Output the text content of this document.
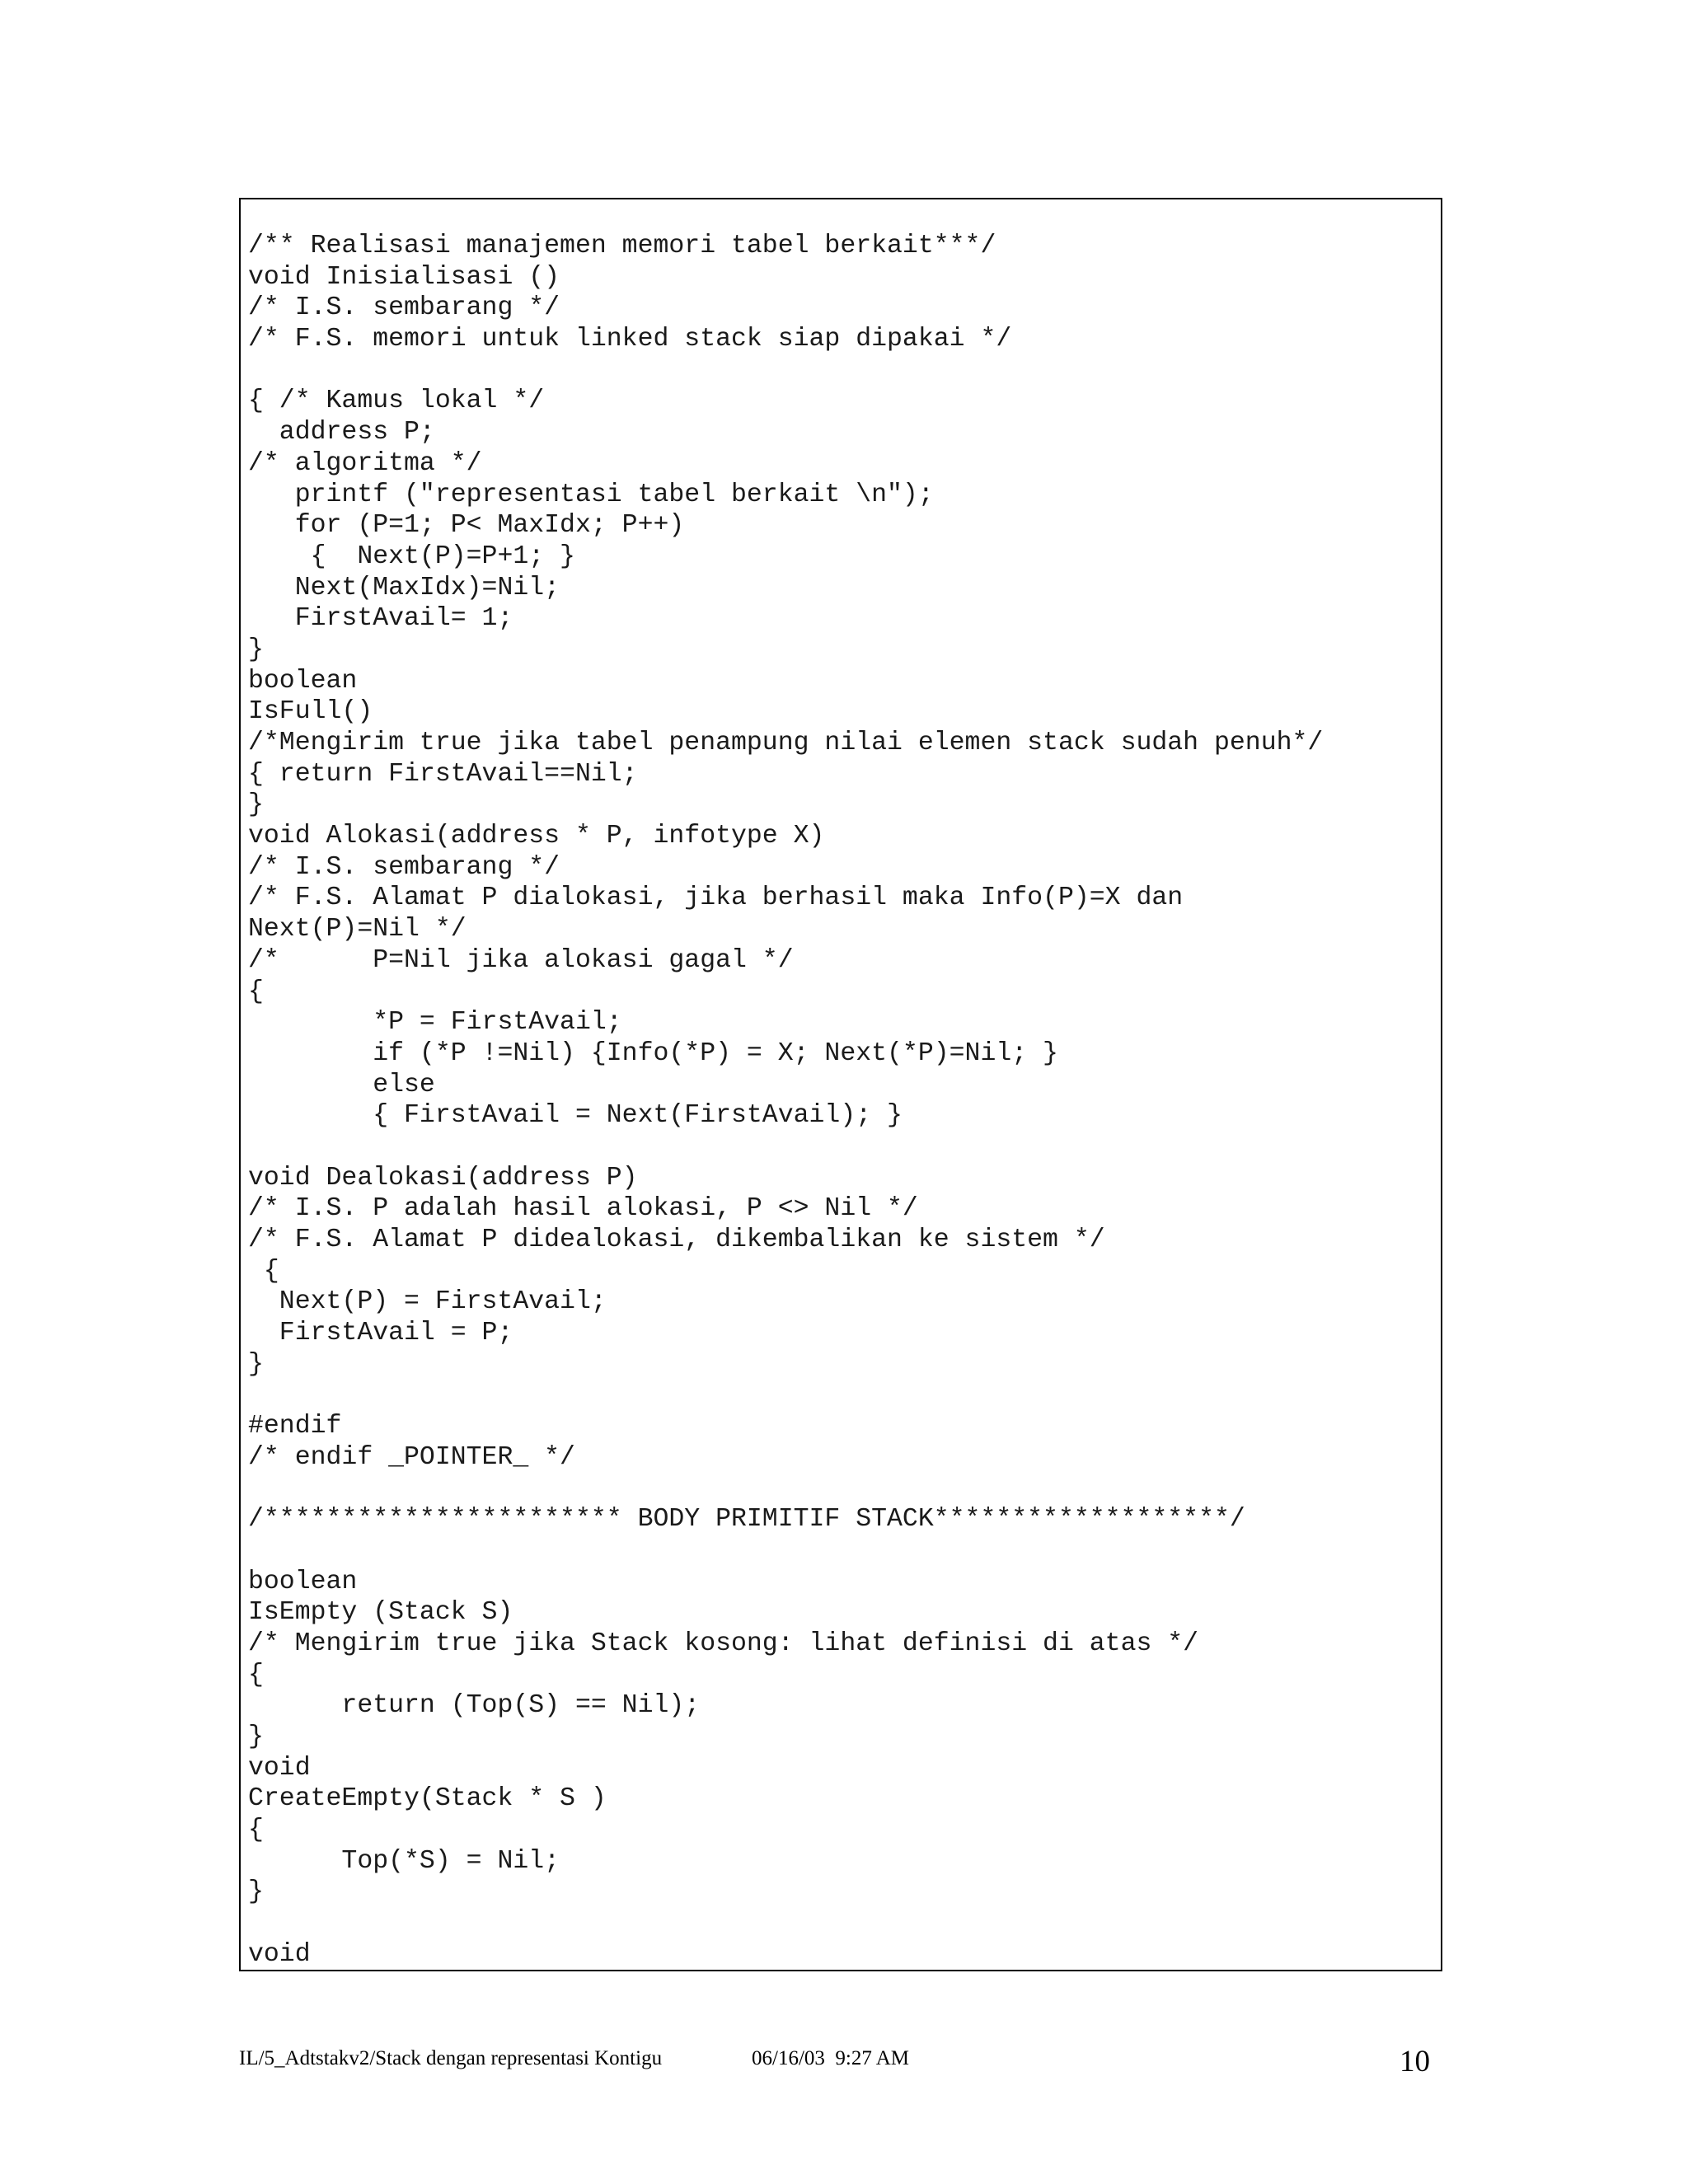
/** Realisasi manajemen memori tabel berkait***/
void Inisialisasi ()
/* I.S. sembarang */
/* F.S. memori untuk linked stack siap dipakai */
{ /* Kamus lokal */
address P;
/* algoritma */
printf ("representasi tabel berkait \n");
for (P=1; P< MaxIdx; P++)
{  Next(P)=P+1; }
Next(MaxIdx)=Nil;
FirstAvail= 1;
}
boolean
IsFull()
/*Mengirim true jika tabel penampung nilai elemen stack sudah penuh*/
{ return FirstAvail==Nil;
}
void Alokasi(address * P, infotype X)
/* I.S. sembarang */
/* F.S. Alamat P dialokasi, jika berhasil maka Info(P)=X dan
Next(P)=Nil */
/*      P=Nil jika alokasi gagal */
{
*P = FirstAvail;
if (*P !=Nil) {Info(*P) = X; Next(*P)=Nil; }
else
{ FirstAvail = Next(FirstAvail); }
void Dealokasi(address P)
/* I.S. P adalah hasil alokasi, P <> Nil */
/* F.S. Alamat P didealokasi, dikembalikan ke sistem */
{
Next(P) = FirstAvail;
FirstAvail = P;
}
#endif
/* endif _POINTER_ */
/*********************** BODY PRIMITIF STACK*******************/
boolean
IsEmpty (Stack S)
/* Mengirim true jika Stack kosong: lihat definisi di atas */
{
return (Top(S) == Nil);
}
void
CreateEmpty(Stack * S )
{
Top(*S) = Nil;
}
void
IL/5_Adtstakv2/Stack dengan representasi Kontigu	06/16/03  9:27 AM	10
